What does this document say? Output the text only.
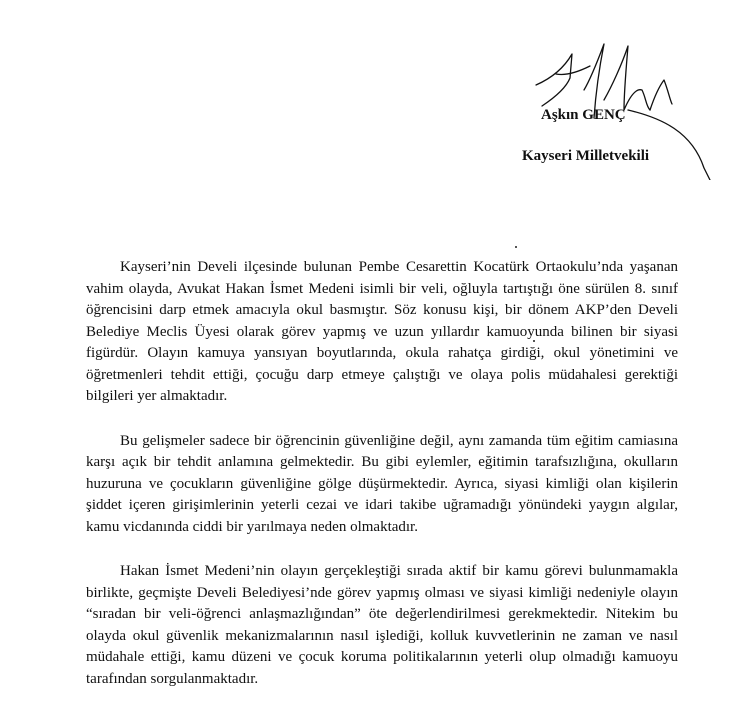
Aşkın GENÇ
Kayseri Milletvekili

Kayseri’nin Develi ilçesinde bulunan Pembe Cesarettin Kocatürk Ortaokulu’nda yaşanan vahim olayda, Avukat Hakan İsmet Medeni isimli bir veli, oğluyla tartıştığı öne sürülen 8. sınıf öğrencisini darp etmek amacıyla okul basmıştır. Söz konusu kişi, bir dönem AKP’den Develi Belediye Meclis Üyesi olarak görev yapmış ve uzun yıllardır kamuoyunda bilinen bir siyasi figürdür. Olayın kamuya yansıyan boyutlarında, okula rahatça girdiği, okul yönetimini ve öğretmenleri tehdit ettiği, çocuğu darp etmeye çalıştığı ve olaya polis müdahalesi gerektiği bilgileri yer almaktadır.

Bu gelişmeler sadece bir öğrencinin güvenliğine değil, aynı zamanda tüm eğitim camiasına karşı açık bir tehdit anlamına gelmektedir. Bu gibi eylemler, eğitimin tarafsızlığına, okulların huzuruna ve çocukların güvenliğine gölge düşürmektedir. Ayrıca, siyasi kimliği olan kişilerin şiddet içeren girişimlerinin yeterli cezai ve idari takibe uğramadığı yönündeki yaygın algılar, kamu vicdanında ciddi bir yarılmaya neden olmaktadır.

Hakan İsmet Medeni’nin olayın gerçekleştiği sırada aktif bir kamu görevi bulunmamakla birlikte, geçmişte Develi Belediyesi’nde görev yapmış olması ve siyasi kimliği nedeniyle olayın “sıradan bir veli-öğrenci anlaşmazlığından” öte değerlendirilmesi gerekmektedir. Nitekim bu olayda okul güvenlik mekanizmalarının nasıl işlediği, kolluk kuvvetlerinin ne zaman ve nasıl müdahale ettiği, kamu düzeni ve çocuk koruma politikalarının yeterli olup olmadığı kamuoyu tarafından sorgulanmaktadır.
